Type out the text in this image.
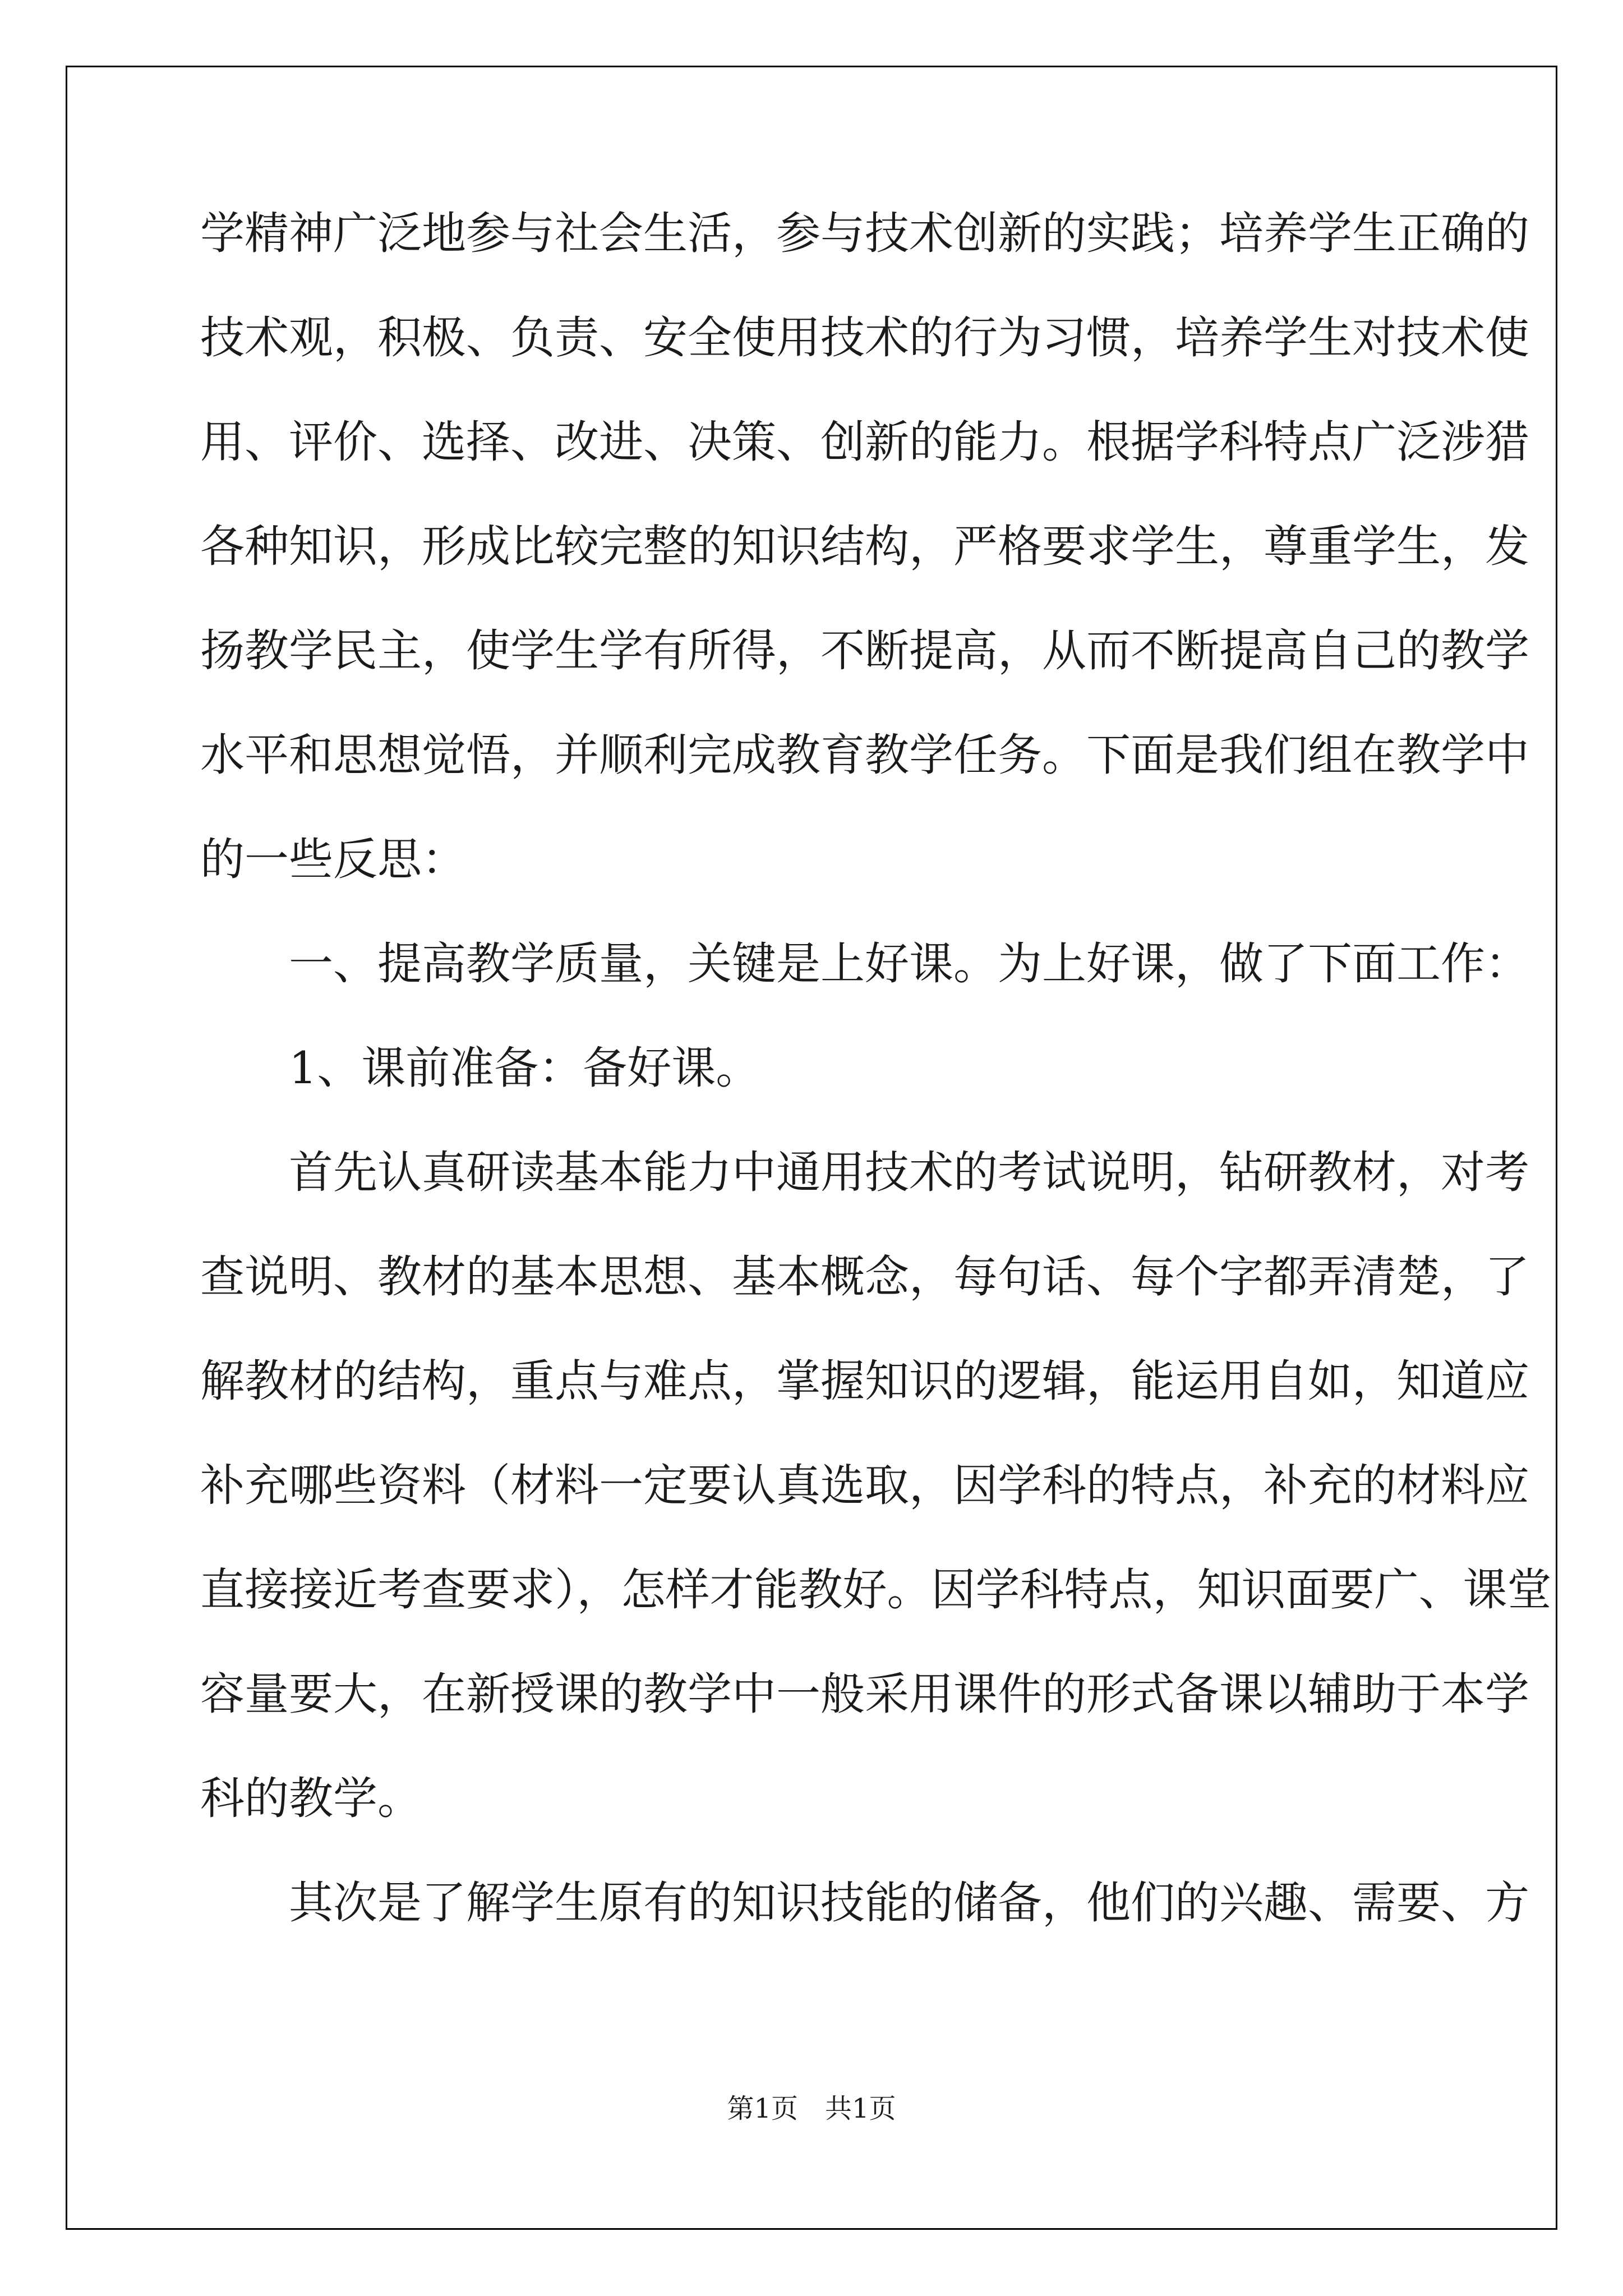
学精神广泛地参与社会生活，参与技术创新的实践；培养学生正确的
技术观，积极、负责、安全使用技术的行为习惯，培养学生对技术使
用、评价、选择、改进、决策、创新的能力。根据学科特点广泛涉猎
各种知识，形成比较完整的知识结构，严格要求学生，尊重学生，发
扬教学民主，使学生学有所得，不断提高，从而不断提高自己的教学
水平和思想觉悟，并顺利完成教育教学任务。下面是我们组在教学中
的一些反思：
　　一、提高教学质量，关键是上好课。为上好课，做了下面工作：
　　1、课前准备：备好课。
　　首先认真研读基本能力中通用技术的考试说明，钻研教材，对考
查说明、教材的基本思想、基本概念，每句话、每个字都弄清楚，了
解教材的结构，重点与难点，掌握知识的逻辑，能运用自如，知道应
补充哪些资料（材料一定要认真选取，因学科的特点，补充的材料应
直接接近考查要求），怎样才能教好。因学科特点，知识面要广、课堂
容量要大，在新授课的教学中一般采用课件的形式备课以辅助于本学
科的教学。
　　其次是了解学生原有的知识技能的储备，他们的兴趣、需要、方
第1页　共1页
